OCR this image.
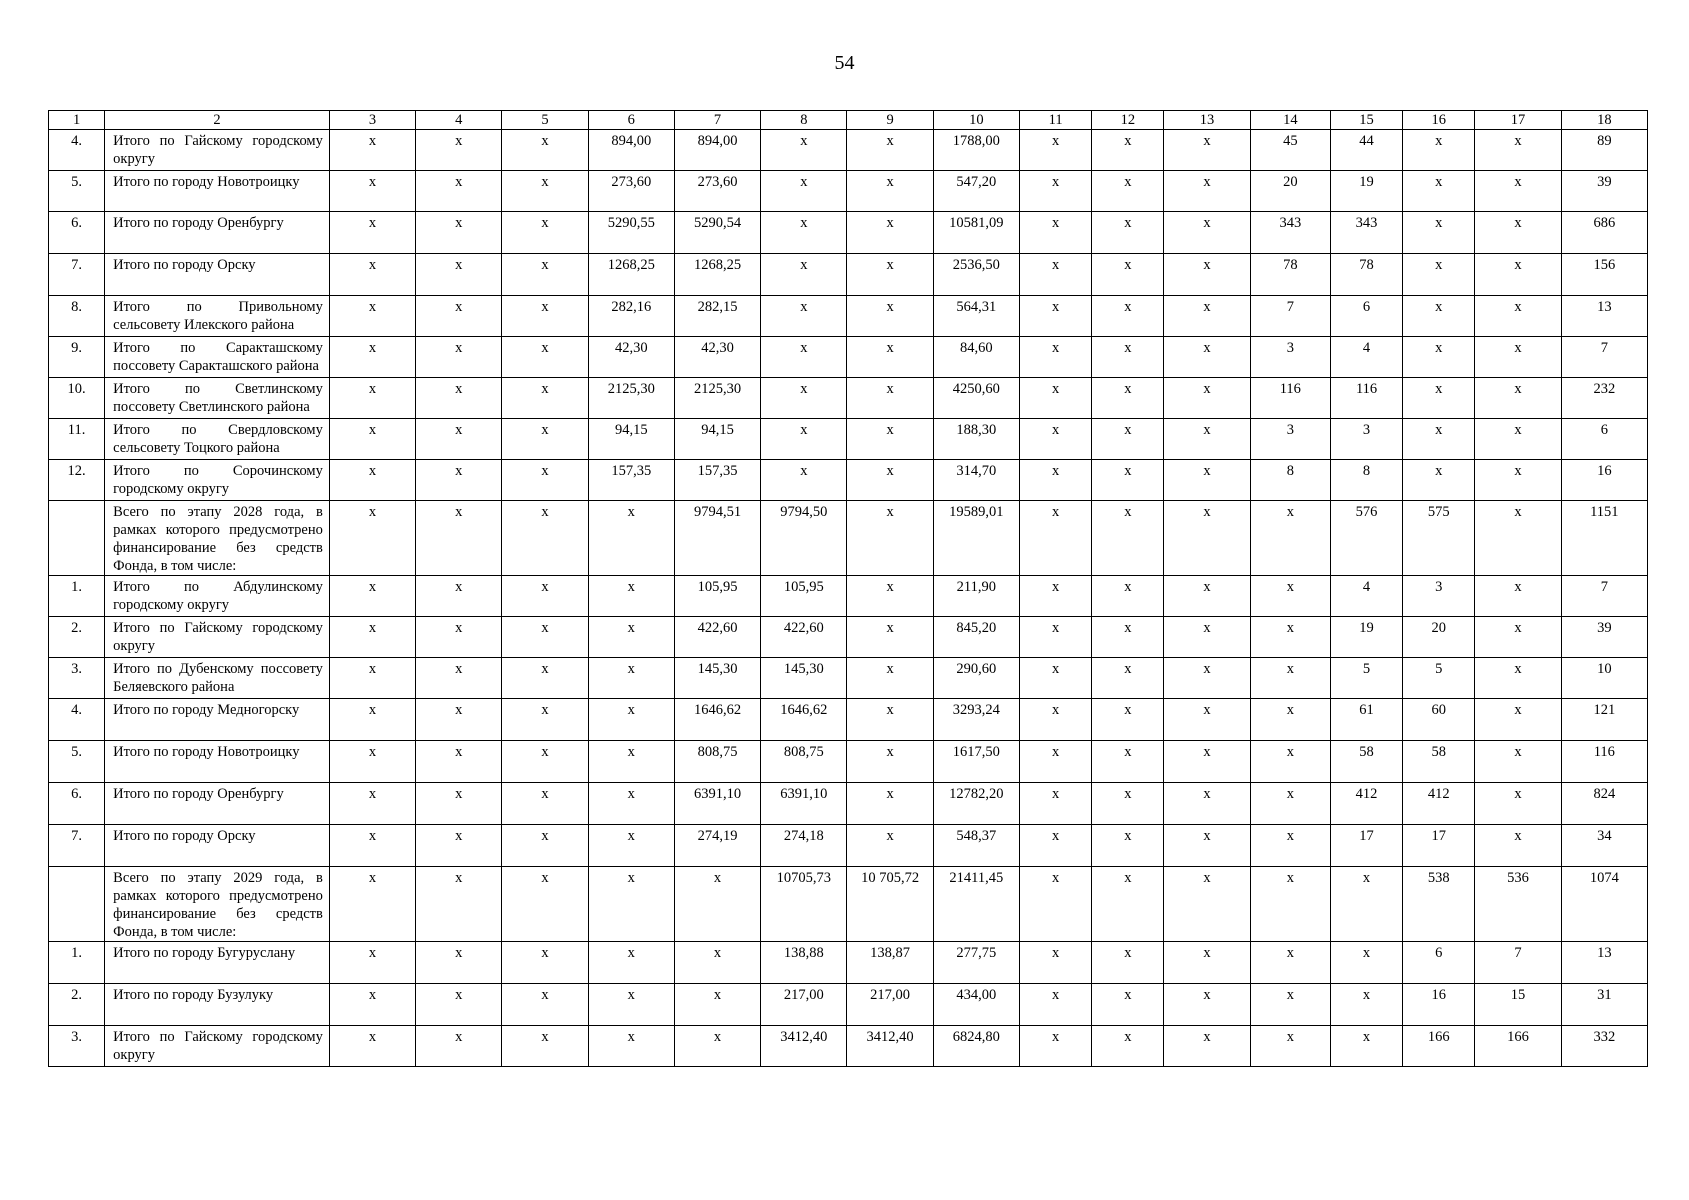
54
1	2	3	4	5	6	7	8	9	10	11	12	13	14	15	16	17	18
4.	Итого по Гайскому городскому округу	х	х	х	894,00	894,00	х	х	1788,00	х	х	х	45	44	х	х	89
5.	Итого по городу Новотроицку	х	х	х	273,60	273,60	х	х	547,20	х	х	х	20	19	х	х	39
6.	Итого по городу Оренбургу	х	х	х	5290,55	5290,54	х	х	10581,09	х	х	х	343	343	х	х	686
7.	Итого по городу Орску	х	х	х	1268,25	1268,25	х	х	2536,50	х	х	х	78	78	х	х	156
8.	Итого по Привольному сельсовету Илекского района	х	х	х	282,16	282,15	х	х	564,31	х	х	х	7	6	х	х	13
9.	Итого по Саракташскому поссовету Саракташского района	х	х	х	42,30	42,30	х	х	84,60	х	х	х	3	4	х	х	7
10.	Итого по Светлинскому поссовету Светлинского района	х	х	х	2125,30	2125,30	х	х	4250,60	х	х	х	116	116	х	х	232
11.	Итого по Свердловскому сельсовету Тоцкого района	х	х	х	94,15	94,15	х	х	188,30	х	х	х	3	3	х	х	6
12.	Итого по Сорочинскому городскому округу	х	х	х	157,35	157,35	х	х	314,70	х	х	х	8	8	х	х	16
	Всего по этапу 2028 года, в рамках которого предусмотрено финансирование без средств Фонда, в том числе:	х	х	х	х	9794,51	9794,50	х	19589,01	х	х	х	х	576	575	х	1151
1.	Итого по Абдулинскому городскому округу	х	х	х	х	105,95	105,95	х	211,90	х	х	х	х	4	3	х	7
2.	Итого по Гайскому городскому округу	х	х	х	х	422,60	422,60	х	845,20	х	х	х	х	19	20	х	39
3.	Итого по Дубенскому поссовету Беляевского района	х	х	х	х	145,30	145,30	х	290,60	х	х	х	х	5	5	х	10
4.	Итого по городу Медногорску	х	х	х	х	1646,62	1646,62	х	3293,24	х	х	х	х	61	60	х	121
5.	Итого по городу Новотроицку	х	х	х	х	808,75	808,75	х	1617,50	х	х	х	х	58	58	х	116
6.	Итого по городу Оренбургу	х	х	х	х	6391,10	6391,10	х	12782,20	х	х	х	х	412	412	х	824
7.	Итого по городу Орску	х	х	х	х	274,19	274,18	х	548,37	х	х	х	х	17	17	х	34
	Всего по этапу 2029 года, в рамках которого предусмотрено финансирование без средств Фонда, в том числе:	х	х	х	х	х	10705,73	10 705,72	21411,45	х	х	х	х	х	538	536	1074
1.	Итого по городу Бугуруслану	х	х	х	х	х	138,88	138,87	277,75	х	х	х	х	х	6	7	13
2.	Итого по городу Бузулуку	х	х	х	х	х	217,00	217,00	434,00	х	х	х	х	х	16	15	31
3.	Итого по Гайскому городскому округу	х	х	х	х	х	3412,40	3412,40	6824,80	х	х	х	х	х	166	166	332
